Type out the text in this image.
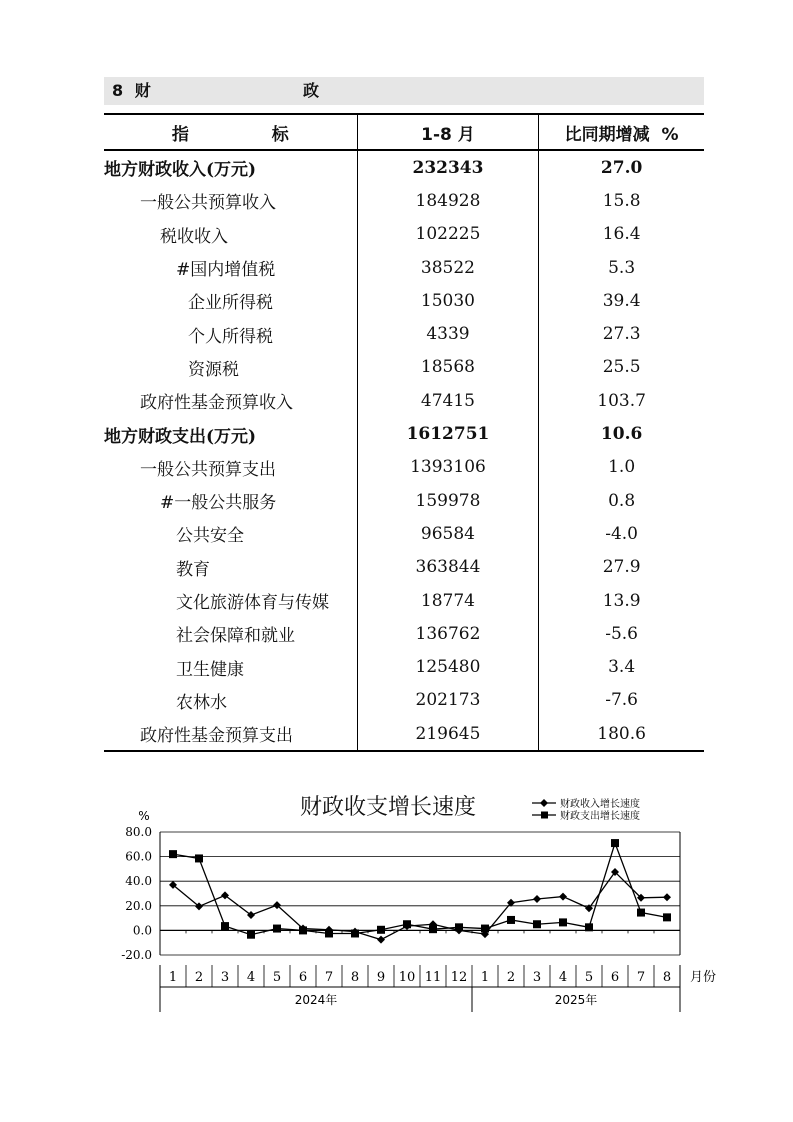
8 财    政
指              标	1-8 月	比同期增减  %
地方财政收入(万元)	232343	27.0
一般公共预算收入	184928	15.8
税收收入	102225	16.4
#国内增值税	38522	5.3
企业所得税	15030	39.4
个人所得税	4339	27.3
资源税	18568	25.5
政府性基金预算收入	47415	103.7
地方财政支出(万元)	1612751	10.6
一般公共预算支出	1393106	1.0
#一般公共服务	159978	0.8
公共安全	96584	-4.0
教育	363844	27.9
文化旅游体育与传媒	18774	13.9
社会保障和就业	136762	-5.6
卫生健康	125480	3.4
农林水	202173	-7.6
政府性基金预算支出	219645	180.6
财政收支增长速度
80.0
60.0
40.0
20.0
0.0
-20.0
%
1 2 3 4 5 6 7 8 9 10 11 12 1 2 3 4 5 6 7 8
2024年	2025年
月份
财政收入增长速度
财政支出增长速度
